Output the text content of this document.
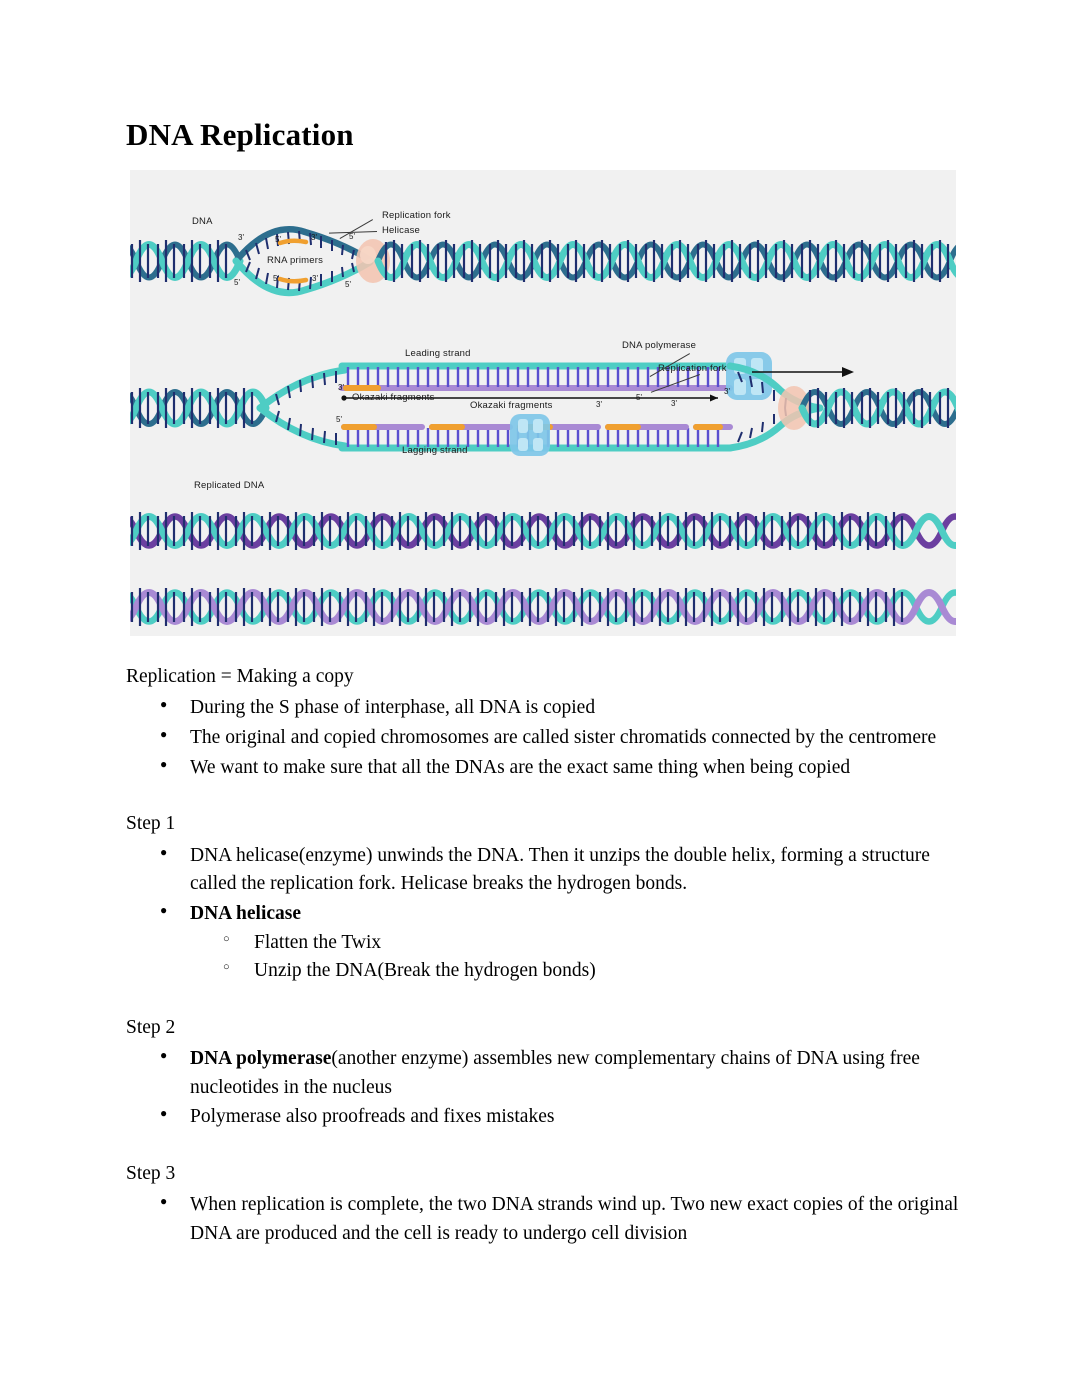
DNA Replication
DNA
Replication fork
Helicase
RNA primers
3'
5'
3'
5'
5'	3'
5'
5'
Leading strand
Okazaki fragments
Okazaki fragments
Lagging strand
DNA polymerase
Replication fork
3'
5'
3'
5'
3'
3'
Replicated DNA

Replication = Making a copy

● During the S phase of interphase, all DNA is copied
● The original and copied chromosomes are called sister chromatids connected by the centromere
● We want to make sure that all the DNAs are the exact same thing when being copied

Step 1

● DNA helicase(enzyme) unwinds the DNA. Then it unzips the double helix, forming a structure called the replication fork. Helicase breaks the hydrogen bonds.
● DNA helicase
○ Flatten the Twix
○ Unzip the DNA(Break the hydrogen bonds)

Step 2

● DNA polymerase(another enzyme) assembles new complementary chains of DNA using free nucleotides in the nucleus
● Polymerase also proofreads and fixes mistakes

Step 3

● When replication is complete, the two DNA strands wind up. Two new exact copies of the original DNA are produced and the cell is ready to undergo cell division
